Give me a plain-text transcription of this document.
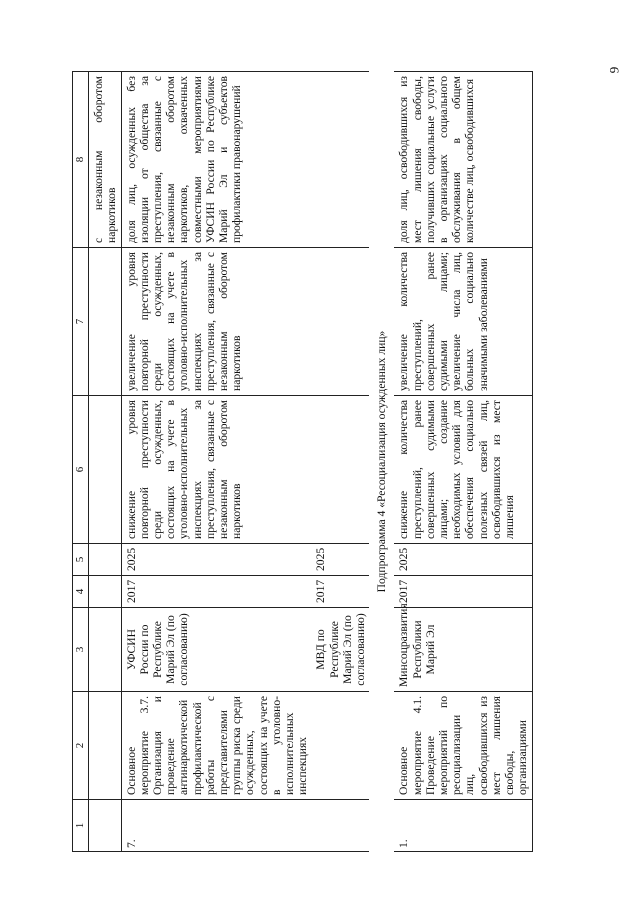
9
1	2	3	4	5	6	7	8
							с незаконным оборотом наркотиков
7.	Основное мероприятие 3.7. Организация и проведение антинаркотической профилактической работы с представителями группы риска среди осужденных, состоящих на учете в уголовно-исполнительных инспекциях	УФСИН России по Республике Марий Эл (по согласованию)	2017	2025	снижение уровня повторной преступности среди осужденных, состоящих на учете в уголовно-исполнительных инспекциях за преступления, связанные с незаконным оборотом наркотиков	увеличение уровня повторной преступности среди осужденных, состоящих на учете в уголовно-исполнительных инспекциях за преступления, связанные с незаконным оборотом наркотиков	доля лиц, осужденных без изоляции от общества за преступления, связанные с незаконным оборотом наркотиков, охваченных совместными мероприятиями УФСИН России по Республике Марий Эл и субъектов профилактики правонарушений
		МВД по Республике Марий Эл (по согласованию)	2017	2025			
Подпрограмма 4 «Ресоциализация осужденных лиц»							
1.	Основное мероприятие 4.1. Проведение мероприятий по ресоциализации лиц, освободившихся из мест лишения свободы, организациями	Минсоцразвития Республики Марий Эл	2017	2025	снижение количества преступлений, ранее совершенных судимыми лицами; создание необходимых условий для обеспечения социально полезных связей лиц, освободившихся из мест лишения	увеличение количества преступлений, совершенных ранее судимыми лицами; увеличение числа лиц, больных социально значимыми заболеваниями	доля лиц, освободившихся из мест лишения свободы, получивших социальные услуги в организациях социального обслуживания в общем количестве лиц, освободившихся
